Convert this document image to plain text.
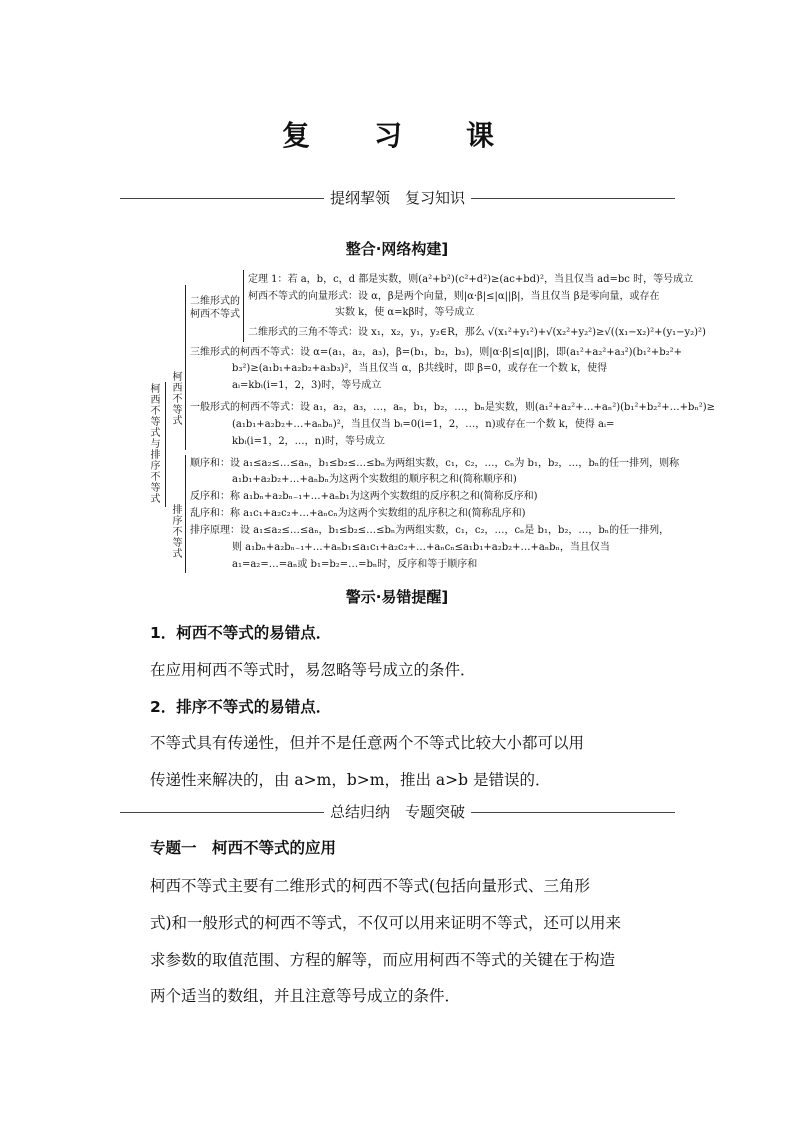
复　习　课
提纲挈领　复习知识
整合·网络构建]
柯西不等式与排序不等式
柯西不等式
二维形式的
柯西不等式
定理 1：若 a，b，c，d 都是实数，则(a²+b²)(c²+d²)≥(ac+bd)²，当且仅当 ad=bc 时，等号成立
柯西不等式的向量形式：设 α，β是两个向量，则|α·β|≤|α||β|，当且仅当 β是零向量，或存在
实数 k，使 α=kβ时，等号成立
二维形式的三角不等式：设 x₁，x₂，y₁，y₂∈R，那么 √(x₁²+y₁²)+√(x₂²+y₂²)≥√((x₁−x₂)²+(y₁−y₂)²)
三维形式的柯西不等式：设 α=(a₁，a₂，a₃)，β=(b₁，b₂，b₃)，则|α·β|≤|α||β|，即(a₁²+a₂²+a₃²)(b₁²+b₂²+
b₃²)≥(a₁b₁+a₂b₂+a₃b₃)²，当且仅当 α，β共线时，即 β=0，或存在一个数 k，使得
aᵢ=kbᵢ(i=1，2，3)时，等号成立
一般形式的柯西不等式：设 a₁，a₂，a₃，…，aₙ，b₁，b₂，…，bₙ是实数，则(a₁²+a₂²+…+aₙ²)(b₁²+b₂²+…+bₙ²)≥
(a₁b₁+a₂b₂+…+aₙbₙ)²，当且仅当 bᵢ=0(i=1，2，…，n)或存在一个数 k，使得 aᵢ=
kbᵢ(i=1，2，…，n)时，等号成立
排序不等式
顺序和：设 a₁≤a₂≤…≤aₙ，b₁≤b₂≤…≤bₙ为两组实数，c₁，c₂，…，cₙ为 b₁，b₂，…，bₙ的任一排列，则称
a₁b₁+a₂b₂+…+aₙbₙ为这两个实数组的顺序积之和(简称顺序和)
反序和：称 a₁bₙ+a₂bₙ₋₁+…+aₙb₁为这两个实数组的反序积之和(简称反序和)
乱序和：称 a₁c₁+a₂c₂+…+aₙcₙ为这两个实数组的乱序积之和(简称乱序和)
排序原理：设 a₁≤a₂≤…≤aₙ，b₁≤b₂≤…≤bₙ为两组实数，c₁，c₂，…，cₙ是 b₁，b₂，…，bₙ的任一排列，
则 a₁bₙ+a₂bₙ₋₁+…+aₙb₁≤a₁c₁+a₂c₂+…+aₙcₙ≤a₁b₁+a₂b₂+…+aₙbₙ，当且仅当
a₁=a₂=…=aₙ或 b₁=b₂=…=bₙ时，反序和等于顺序和
警示·易错提醒]
1．柯西不等式的易错点．
在应用柯西不等式时，易忽略等号成立的条件．
2．排序不等式的易错点．
不等式具有传递性，但并不是任意两个不等式比较大小都可以用
传递性来解决的，由 a>m，b>m，推出 a>b 是错误的．
总结归纳　专题突破
专题一　柯西不等式的应用
柯西不等式主要有二维形式的柯西不等式(包括向量形式、三角形
式)和一般形式的柯西不等式，不仅可以用来证明不等式，还可以用来
求参数的取值范围、方程的解等，而应用柯西不等式的关键在于构造
两个适当的数组，并且注意等号成立的条件．
